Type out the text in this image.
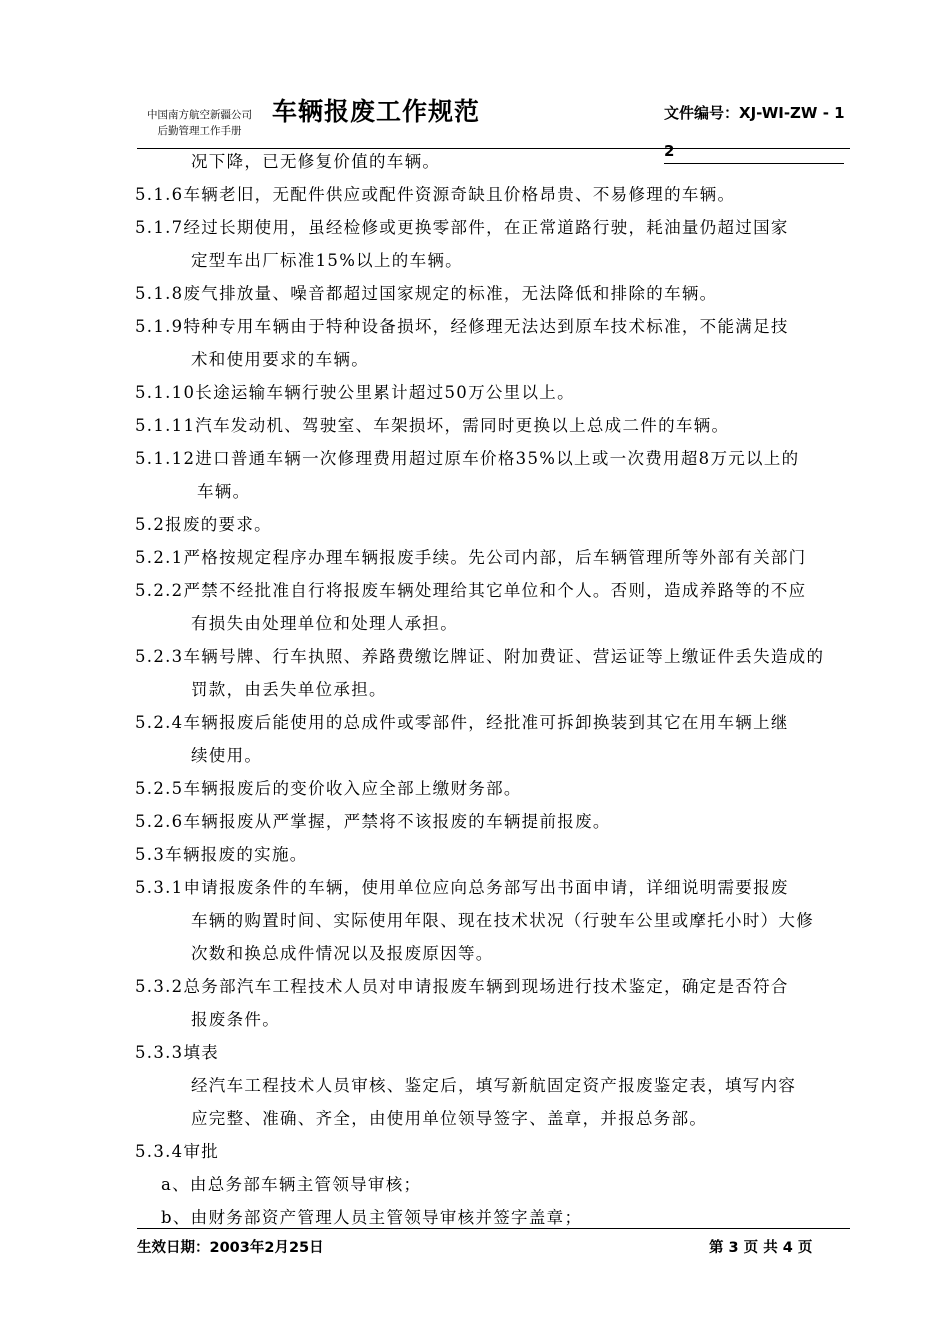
中国南方航空新疆公司
后勤管理工作手册
车辆报废工作规范	文件编号：XJ-WI-ZW - 12
况下降，已无修复价值的车辆。
5.1.6车辆老旧，无配件供应或配件资源奇缺且价格昂贵、不易修理的车辆。
5.1.7经过长期使用，虽经检修或更换零部件，在正常道路行驶，耗油量仍超过国家
定型车出厂标准15%以上的车辆。
5.1.8废气排放量、噪音都超过国家规定的标准，无法降低和排除的车辆。
5.1.9特种专用车辆由于特种设备损坏，经修理无法达到原车技术标准，不能满足技
术和使用要求的车辆。
5.1.10长途运输车辆行驶公里累计超过50万公里以上。
5.1.11汽车发动机、驾驶室、车架损坏，需同时更换以上总成二件的车辆。
5.1.12进口普通车辆一次修理费用超过原车价格35%以上或一次费用超8万元以上的
车辆。
5.2报废的要求。
5.2.1严格按规定程序办理车辆报废手续。先公司内部，后车辆管理所等外部有关部门
5.2.2严禁不经批准自行将报废车辆处理给其它单位和个人。否则，造成养路等的不应
有损失由处理单位和处理人承担。
5.2.3车辆号牌、行车执照、养路费缴讫牌证、附加费证、营运证等上缴证件丢失造成的
罚款，由丢失单位承担。
5.2.4车辆报废后能使用的总成件或零部件，经批准可拆卸换装到其它在用车辆上继
续使用。
5.2.5车辆报废后的变价收入应全部上缴财务部。
5.2.6车辆报废从严掌握，严禁将不该报废的车辆提前报废。
5.3车辆报废的实施。
5.3.1申请报废条件的车辆，使用单位应向总务部写出书面申请，详细说明需要报废
车辆的购置时间、实际使用年限、现在技术状况（行驶车公里或摩托小时）大修
次数和换总成件情况以及报废原因等。
5.3.2总务部汽车工程技术人员对申请报废车辆到现场进行技术鉴定，确定是否符合
报废条件。
5.3.3填表
经汽车工程技术人员审核、鉴定后，填写新航固定资产报废鉴定表，填写内容
应完整、准确、齐全，由使用单位领导签字、盖章，并报总务部。
5.3.4审批
a、由总务部车辆主管领导审核；
b、由财务部资产管理人员主管领导审核并签字盖章；
生效日期：2003年2月25日	第 3 页 共 4 页
